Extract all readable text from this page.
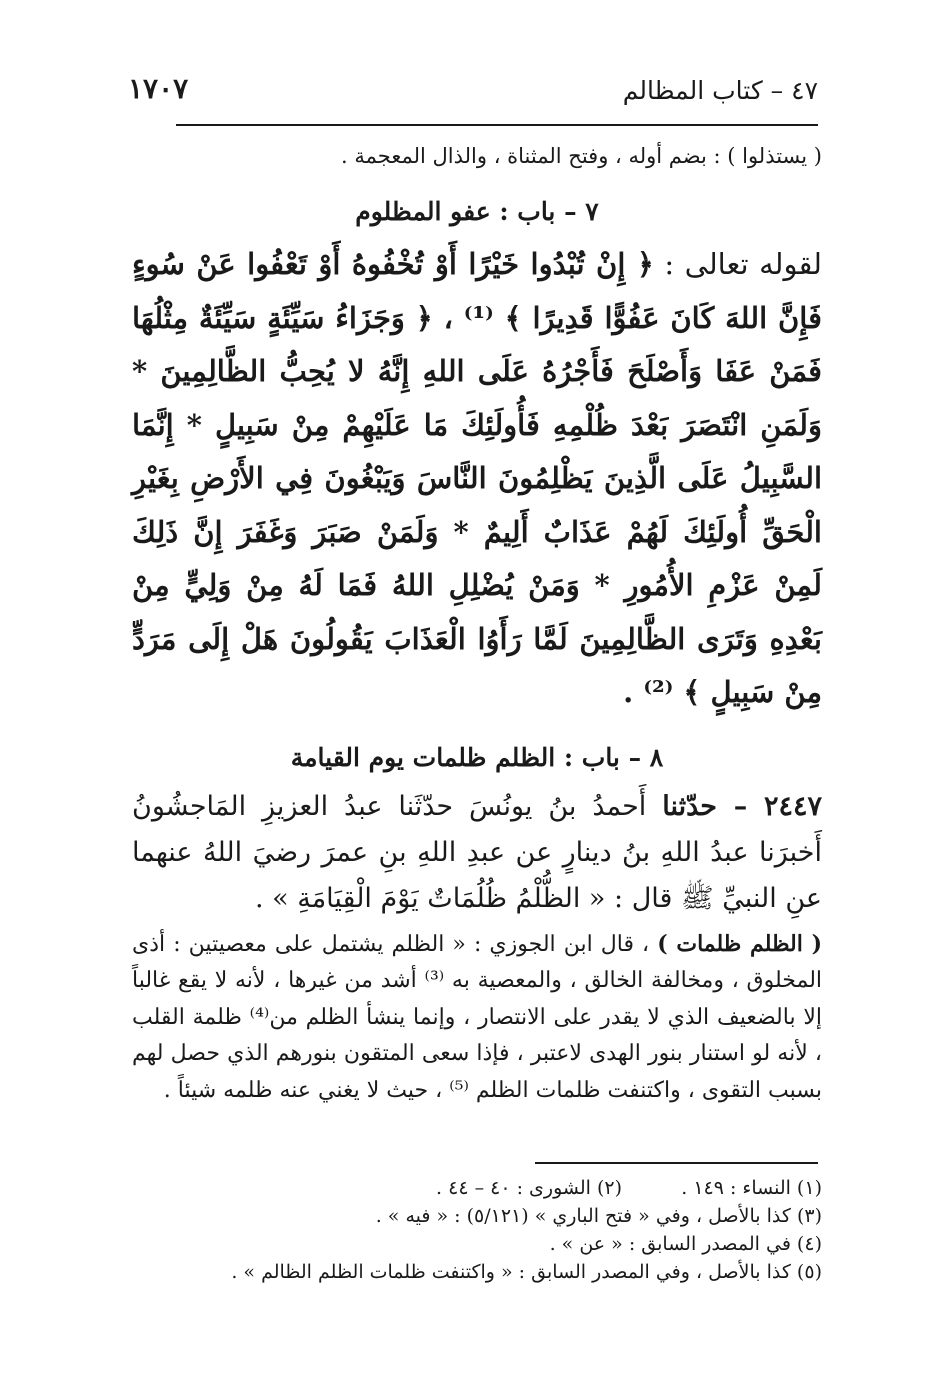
٤٧ – كتاب المظالم
١٧٠٧

( يستذلوا ) : بضم أوله ، وفتح المثناة ، والذال المعجمة .

٧ – باب : عفو المظلوم

لقوله تعالى : ﴿ إِنْ تُبْدُوا خَيْرًا أَوْ تُخْفُوهُ أَوْ تَعْفُوا عَنْ سُوءٍ فَإِنَّ اللهَ كَانَ عَفُوًّا قَدِيرًا ﴾ ⁽¹⁾ ، ﴿ وَجَزَاءُ سَيِّئَةٍ سَيِّئَةٌ مِثْلُهَا فَمَنْ عَفَا وَأَصْلَحَ فَأَجْرُهُ عَلَى اللهِ إِنَّهُ لا يُحِبُّ الظَّالِمِينَ * وَلَمَنِ انْتَصَرَ بَعْدَ ظُلْمِهِ فَأُولَئِكَ مَا عَلَيْهِمْ مِنْ سَبِيلٍ * إِنَّمَا السَّبِيلُ عَلَى الَّذِينَ يَظْلِمُونَ النَّاسَ وَيَبْغُونَ فِي الأَرْضِ بِغَيْرِ الْحَقِّ أُولَئِكَ لَهُمْ عَذَابٌ أَلِيمٌ * وَلَمَنْ صَبَرَ وَغَفَرَ إِنَّ ذَلِكَ لَمِنْ عَزْمِ الأُمُورِ * وَمَنْ يُضْلِلِ اللهُ فَمَا لَهُ مِنْ وَلِيٍّ مِنْ بَعْدِهِ وَتَرَى الظَّالِمِينَ لَمَّا رَأَوُا الْعَذَابَ يَقُولُونَ هَلْ إِلَى مَرَدٍّ مِنْ سَبِيلٍ ﴾ ⁽²⁾ .

٨ – باب : الظلم ظلمات يوم القيامة

٢٤٤٧ – حدّثنا أَحمدُ بنُ يونُسَ حدّثَنا عبدُ العزيزِ المَاجشُونُ أَخبرَنا عبدُ اللهِ بنُ دينارٍ عن عبدِ اللهِ بنِ عمرَ رضيَ اللهُ عنهما عنِ النبيِّ ﷺ قال : « الظُّلْمُ ظُلُمَاتٌ يَوْمَ الْقِيَامَةِ » .

( الظلم ظلمات ) ، قال ابن الجوزي : « الظلم يشتمل على معصيتين : أذى المخلوق ، ومخالفة الخالق ، والمعصية به ⁽³⁾ أشد من غيرها ، لأنه لا يقع غالباً إلا بالضعيف الذي لا يقدر على الانتصار ، وإنما ينشأ الظلم من⁽⁴⁾ ظلمة القلب ، لأنه لو استنار بنور الهدى لاعتبر ، فإذا سعى المتقون بنورهم الذي حصل لهم بسبب التقوى ، واكتنفت ظلمات الظلم ⁽⁵⁾ ، حيث لا يغني عنه ظلمه شيئاً .

(١) النساء : ١٤٩ .
(٢) الشورى : ٤٠ – ٤٤ .
(٣) كذا بالأصل ، وفي « فتح الباري » (٥/١٢١) : « فيه » .
(٤) في المصدر السابق : « عن » .
(٥) كذا بالأصل ، وفي المصدر السابق : « واكتنفت ظلمات الظلم الظالم » .
